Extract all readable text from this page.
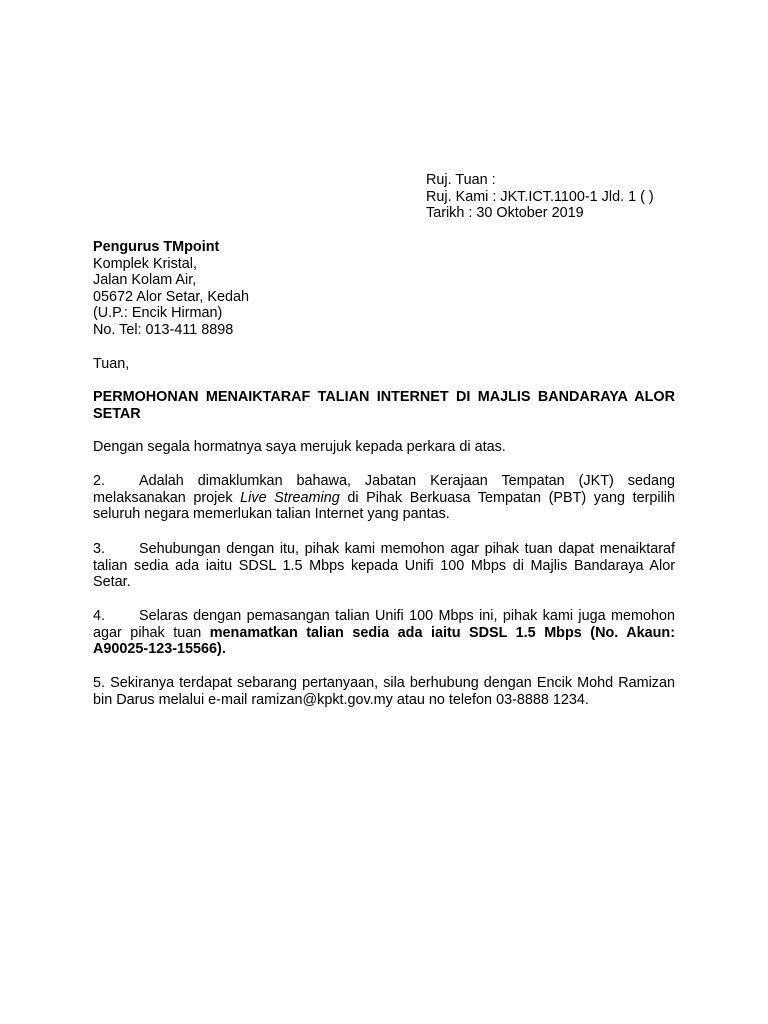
Ruj. Tuan :
Ruj. Kami : JKT.ICT.1100-1 Jld. 1 ( )
Tarikh : 30 Oktober 2019
Pengurus TMpoint
Komplek Kristal,
Jalan Kolam Air,
05672 Alor Setar, Kedah
(U.P.: Encik Hirman)
No. Tel: 013-411 8898
Tuan,
PERMOHONAN MENAIKTARAF TALIAN INTERNET DI MAJLIS BANDARAYA ALOR SETAR
Dengan segala hormatnya saya merujuk kepada perkara di atas.
2. Adalah dimaklumkan bahawa, Jabatan Kerajaan Tempatan (JKT) sedang melaksanakan projek Live Streaming di Pihak Berkuasa Tempatan (PBT) yang terpilih seluruh negara memerlukan talian Internet yang pantas.
3. Sehubungan dengan itu, pihak kami memohon agar pihak tuan dapat menaiktaraf talian sedia ada iaitu SDSL 1.5 Mbps kepada Unifi 100 Mbps di Majlis Bandaraya Alor Setar.
4. Selaras dengan pemasangan talian Unifi 100 Mbps ini, pihak kami juga memohon agar pihak tuan menamatkan talian sedia ada iaitu SDSL 1.5 Mbps (No. Akaun: A90025-123-15566).
5. Sekiranya terdapat sebarang pertanyaan, sila berhubung dengan Encik Mohd Ramizan bin Darus melalui e-mail ramizan@kpkt.gov.my atau no telefon 03-8888 1234.
